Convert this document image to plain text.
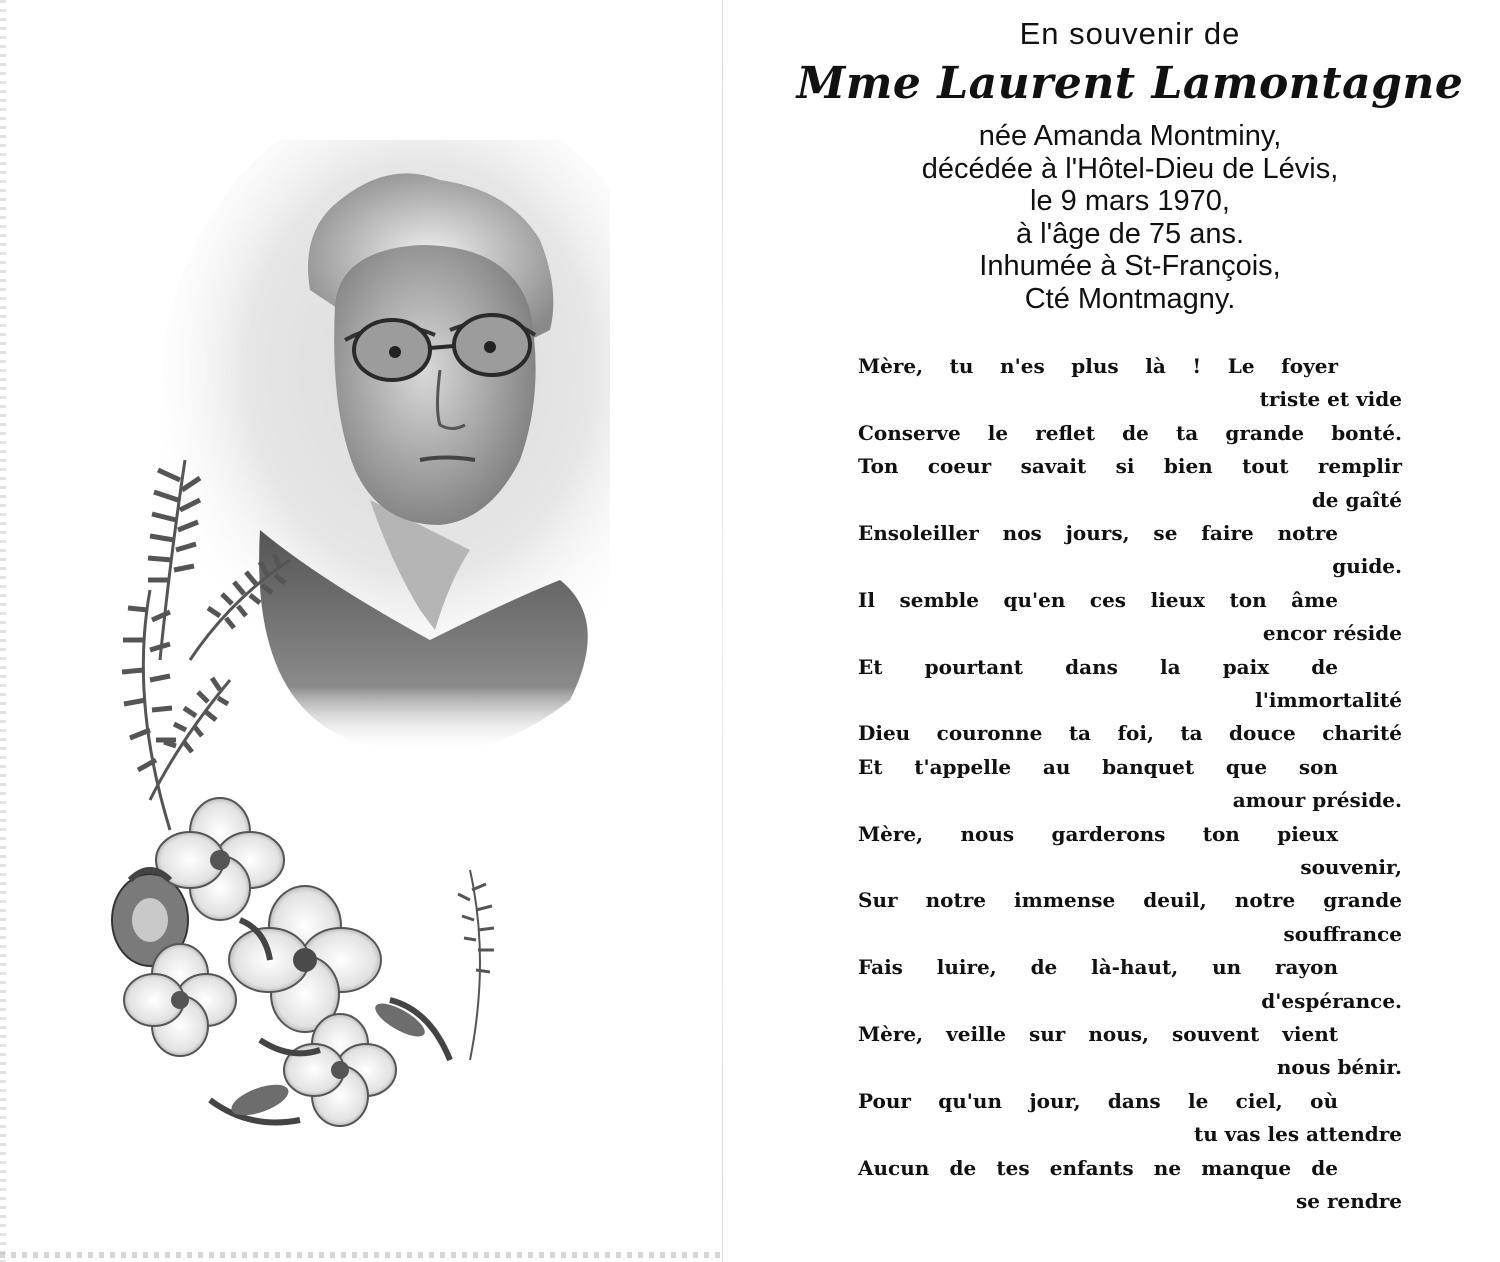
En souvenir de
Mme Laurent Lamontagne
née Amanda Montminy,
décédée à l'Hôtel-Dieu de Lévis,
le 9 mars 1970,
à l'âge de 75 ans.
Inhumée à St-François,
Cté Montmagny.
Mère, tu n'es plus là ! Le foyer
triste et vide
Conserve le reflet de ta grande bonté.
Ton coeur savait si bien tout remplir
de gaîté
Ensoleiller nos jours, se faire notre
guide.
Il semble qu'en ces lieux ton âme
encor réside
Et pourtant dans la paix de
l'immortalité
Dieu couronne ta foi, ta douce charité
Et t'appelle au banquet que son
amour préside.
Mère, nous garderons ton pieux
souvenir,
Sur notre immense deuil, notre grande
souffrance
Fais luire, de là-haut, un rayon
d'espérance.
Mère, veille sur nous, souvent vient
nous bénir.
Pour qu'un jour, dans le ciel, où
tu vas les attendre
Aucun de tes enfants ne manque de
se rendre
